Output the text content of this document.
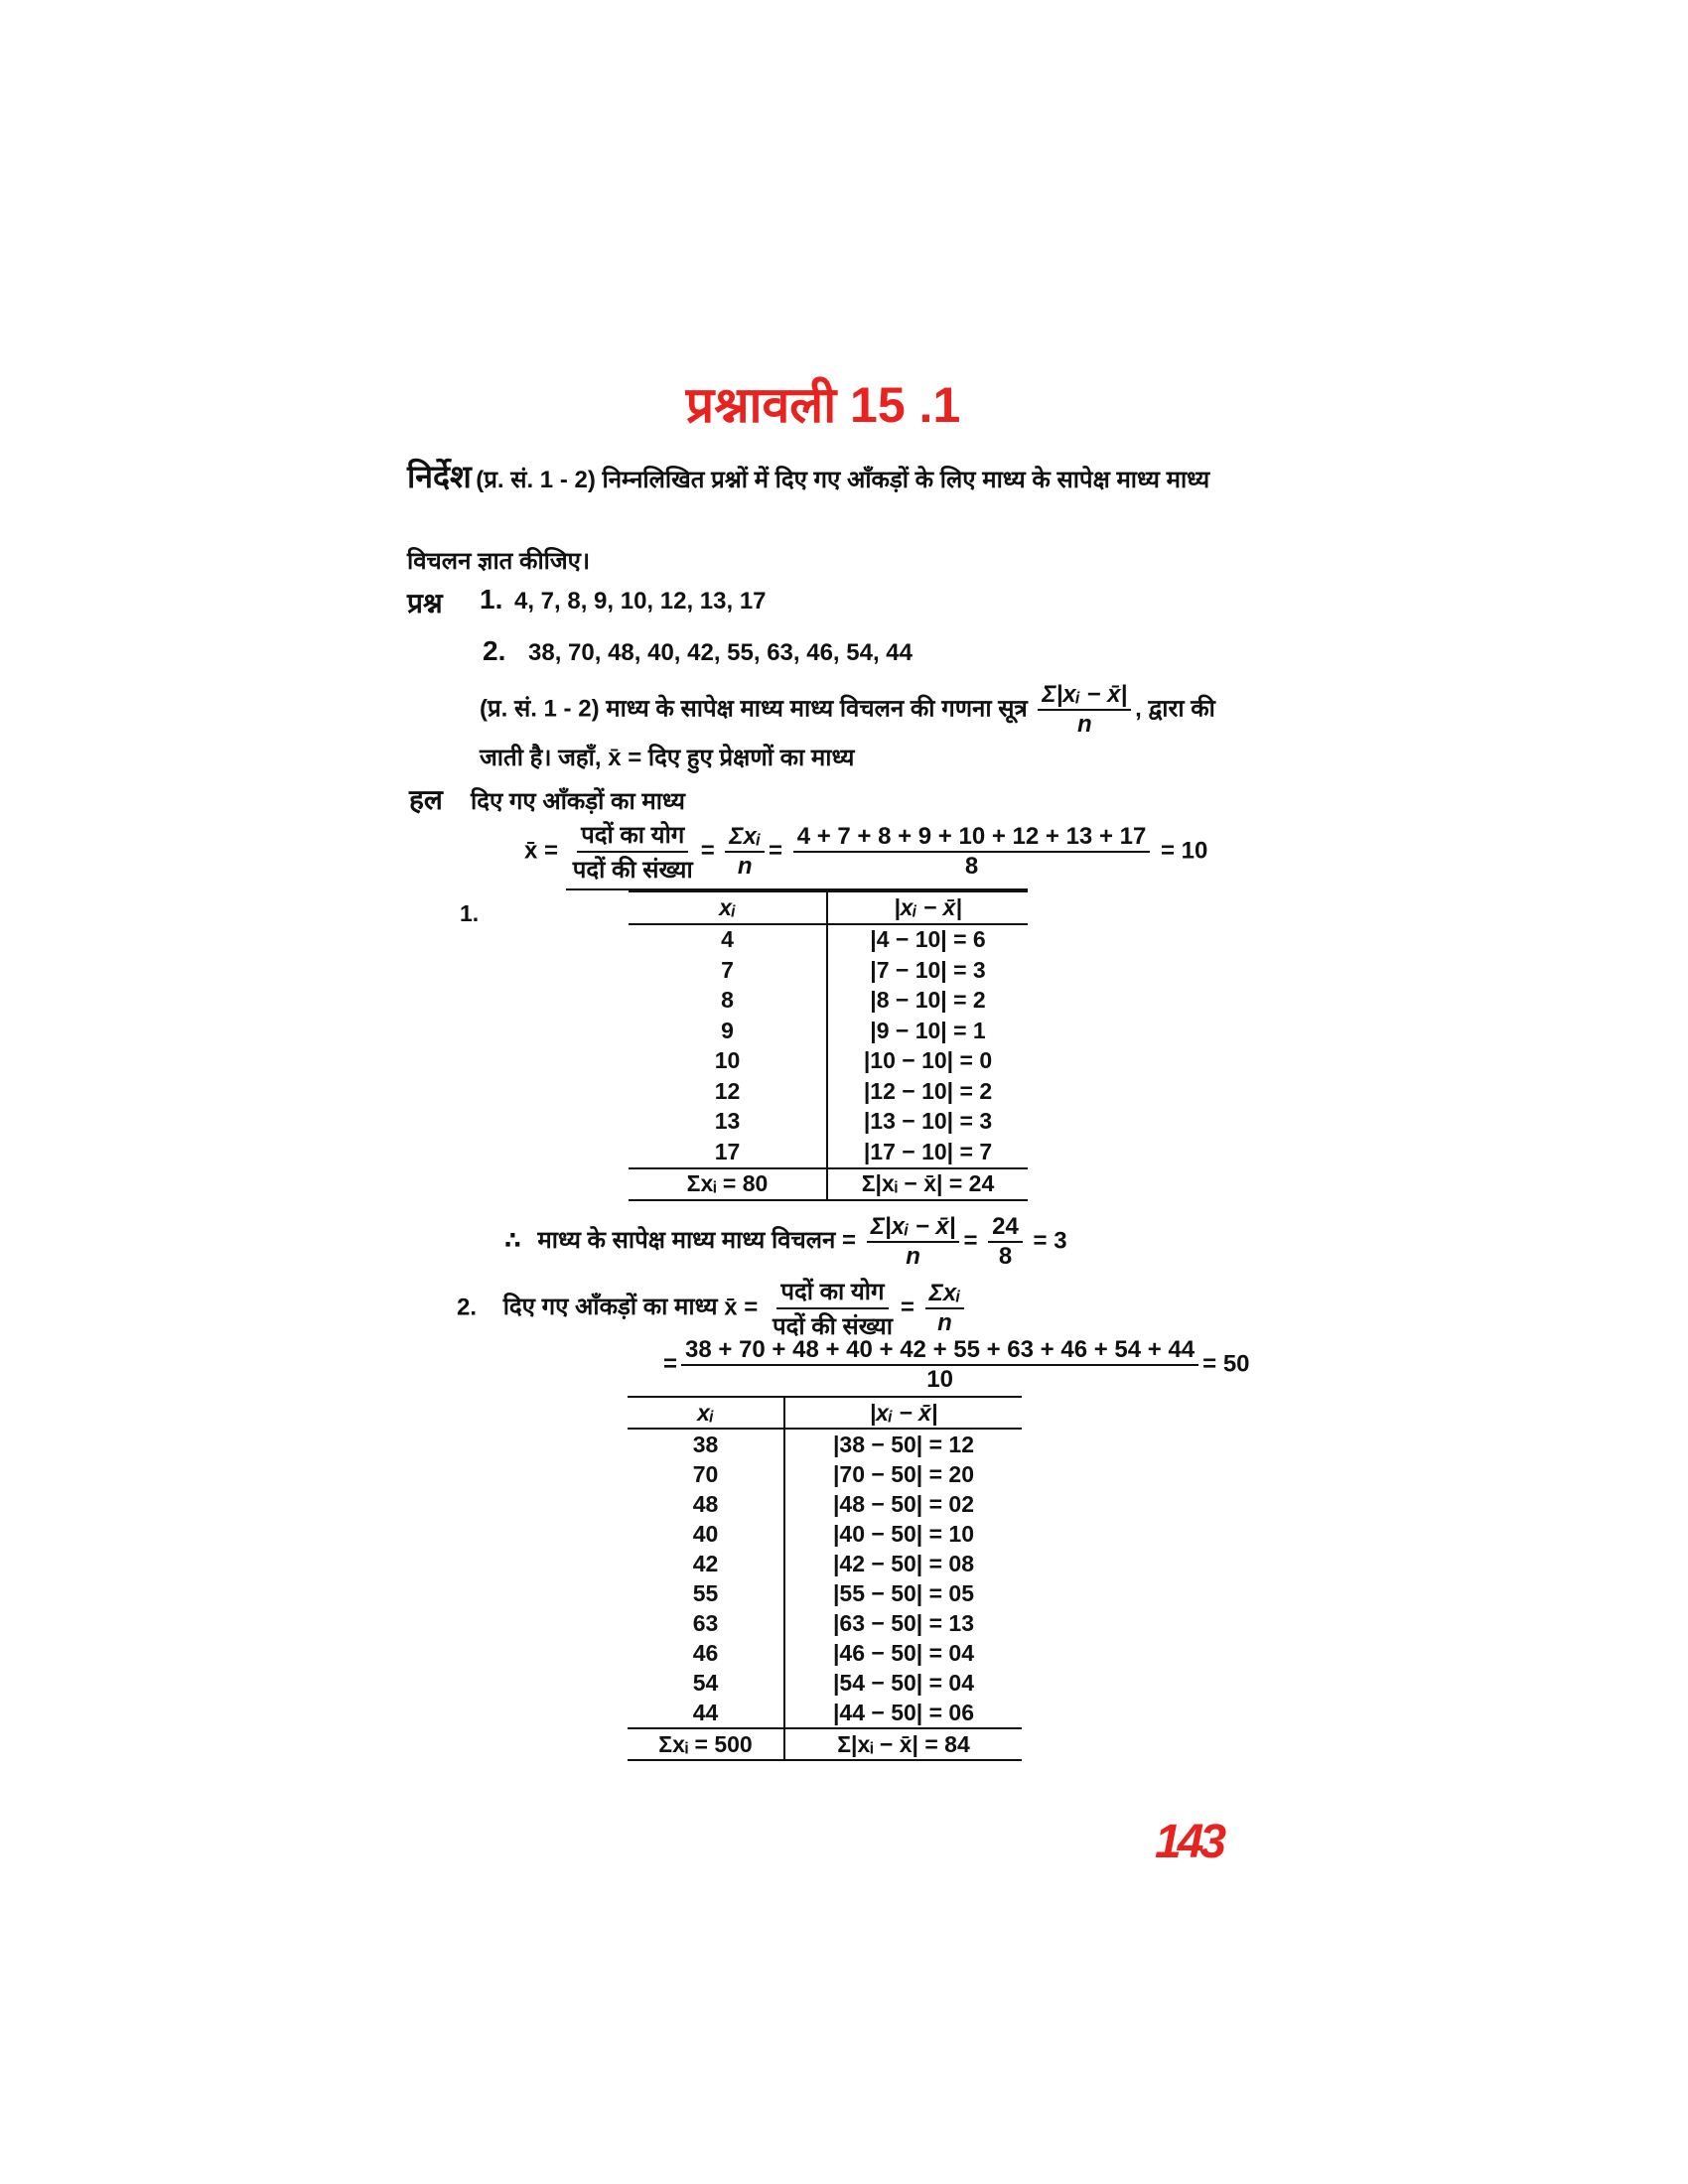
प्रश्नावली 15 .1
निर्देश (प्र. सं. 1 - 2) निम्नलिखित प्रश्नों में दिए गए आँकड़ों के लिए माध्य के सापेक्ष माध्य माध्य
विचलन ज्ञात कीजिए।
प्रश्न 1. 4, 7, 8, 9, 10, 12, 13, 17
2. 38, 70, 48, 40, 42, 55, 63, 46, 54, 44
(प्र. सं. 1 - 2) माध्य के सापेक्ष माध्य माध्य विचलन की गणना सूत्र $\frac{\text{Σ|xᵢ − x̄|}}{n}$ , द्वारा की
जाती है। जहाँ, x̄ = दिए हुए प्रेक्षणों का माध्य
हल दिए गए आँकड़ों का माध्य
x̄ = $\frac{\text{पदों का योग}}{\text{पदों की संख्या}} = \frac{\text{Σxᵢ}}{n} = \frac{4 + 7 + 8 + 9 + 10 + 12 + 13 + 17}{8} = 10$
1.	xᵢ	|xᵢ − x̄|
4	|4 − 10| = 6
7	|7 − 10| = 3
8	|8 − 10| = 2
9	|9 − 10| = 1
10	|10 − 10| = 0
12	|12 − 10| = 2
13	|13 − 10| = 3
17	|17 − 10| = 7
Σxᵢ = 80	Σ|xᵢ − x̄| = 24
∴ माध्य के सापेक्ष माध्य माध्य विचलन = $\frac{\text{Σ|xᵢ − x̄|}}{n} = \frac{24}{8} = 3$
2. दिए गए आँकड़ों का माध्य x̄ = $\frac{\text{पदों का योग}}{\text{पदों की संख्या}} = \frac{\text{Σxᵢ}}{n}$
= $\frac{38 + 70 + 48 + 40 + 42 + 55 + 63 + 46 + 54 + 44}{10} = 50$
xᵢ	|xᵢ − x̄|
38	|38 − 50| = 12
70	|70 − 50| = 20
48	|48 − 50| = 02
40	|40 − 50| = 10
42	|42 − 50| = 08
55	|55 − 50| = 05
63	|63 − 50| = 13
46	|46 − 50| = 04
54	|54 − 50| = 04
44	|44 − 50| = 06
Σxᵢ = 500	Σ|xᵢ − x̄| = 84
143
